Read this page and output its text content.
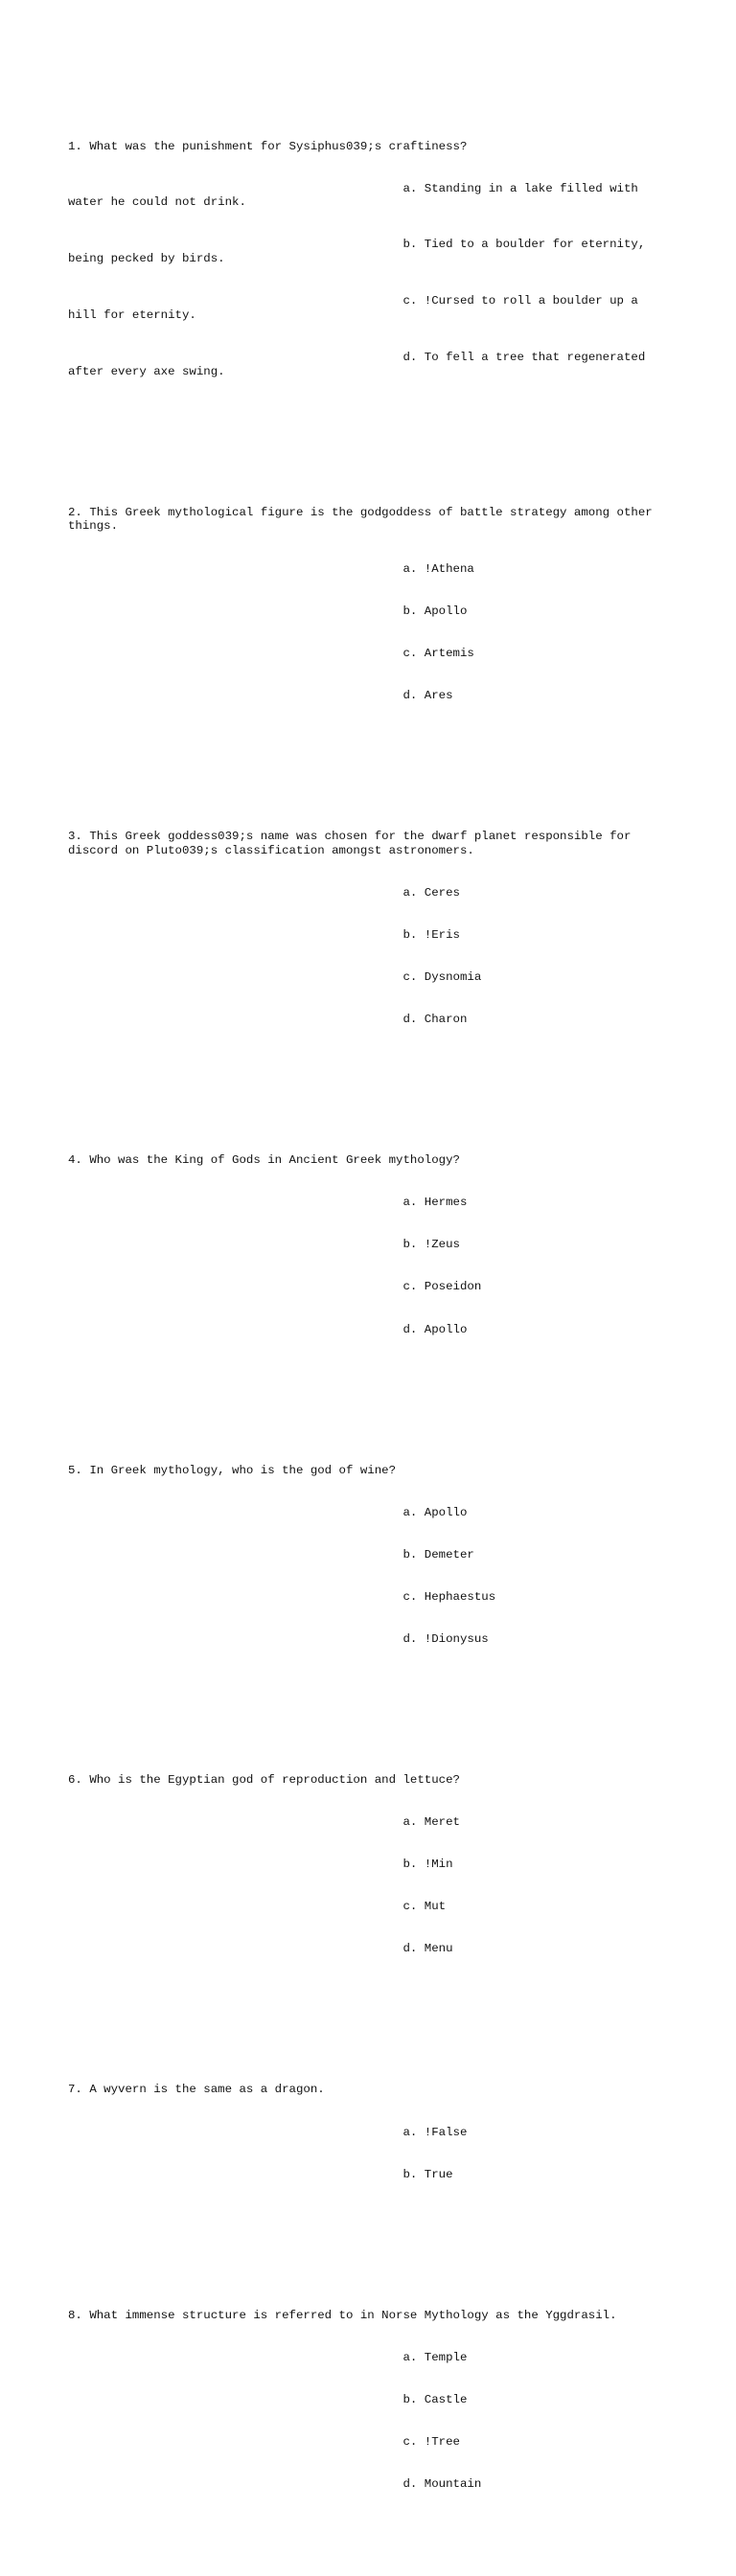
1. What was the punishment for Sysiphus039;s craftiness?

a. Standing in a lake filled with water he could not drink.

b. Tied to a boulder for eternity, being pecked by birds.

c. !Cursed to roll a boulder up a hill for eternity.

d. To fell a tree that regenerated after every axe swing.

2. This Greek mythological figure is the godgoddess of battle strategy among other things.

a. !Athena

b. Apollo

c. Artemis

d. Ares

3. This Greek goddess039;s name was chosen for the dwarf planet responsible for discord on Pluto039;s classification amongst astronomers.

a. Ceres

b. !Eris

c. Dysnomia

d. Charon

4. Who was the King of Gods in Ancient Greek mythology?

a. Hermes

b. !Zeus

c. Poseidon

d. Apollo

5. In Greek mythology, who is the god of wine?

a. Apollo

b. Demeter

c. Hephaestus

d. !Dionysus

6. Who is the Egyptian god of reproduction and lettuce?

a. Meret

b. !Min

c. Mut

d. Menu

7. A wyvern is the same as a dragon.

a. !False

b. True

8. What immense structure is referred to in Norse Mythology as the Yggdrasil.

a. Temple

b. Castle

c. !Tree

d. Mountain
